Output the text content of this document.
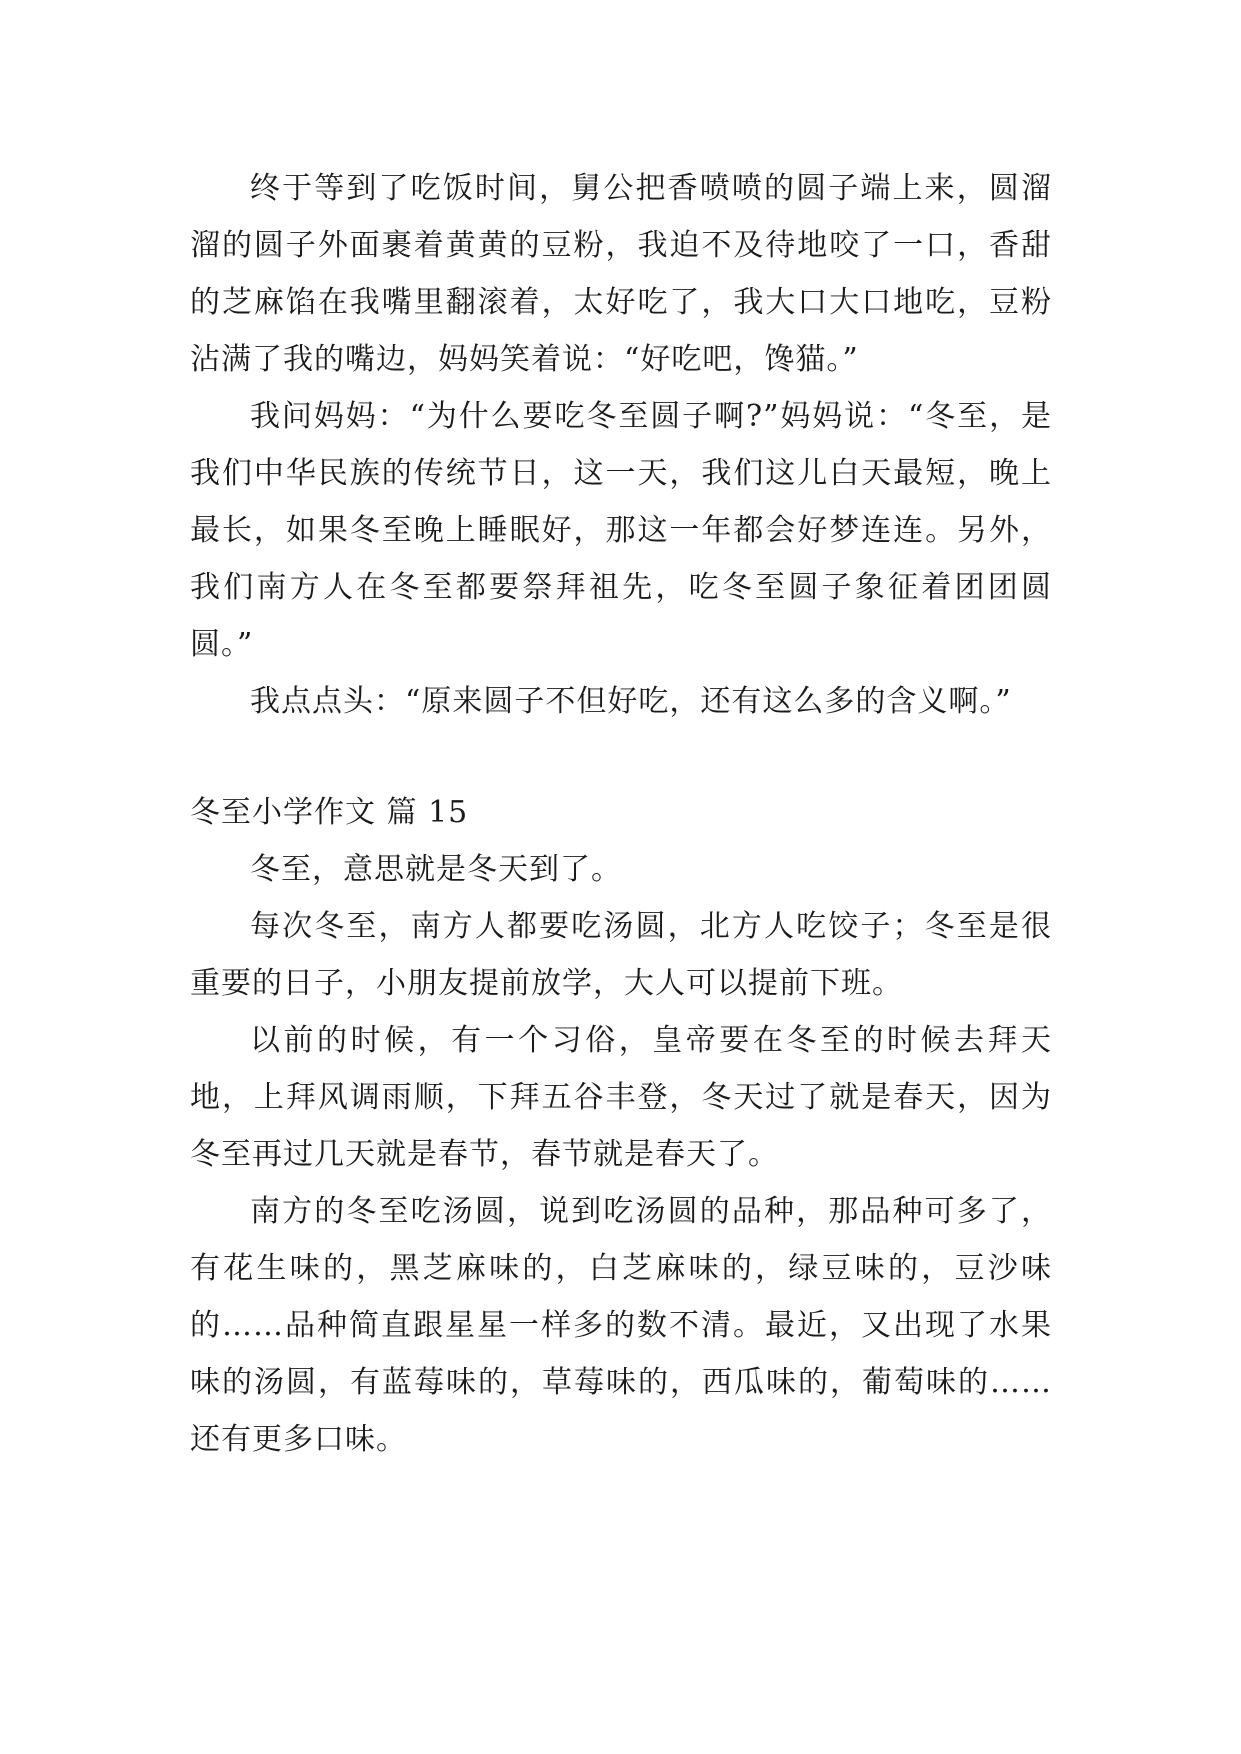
终于等到了吃饭时间，舅公把香喷喷的圆子端上来，圆溜溜的圆子外面裹着黄黄的豆粉，我迫不及待地咬了一口，香甜的芝麻馅在我嘴里翻滚着，太好吃了，我大口大口地吃，豆粉沾满了我的嘴边，妈妈笑着说：“好吃吧，馋猫。”

我问妈妈：“为什么要吃冬至圆子啊?”妈妈说：“冬至，是我们中华民族的传统节日，这一天，我们这儿白天最短，晚上最长，如果冬至晚上睡眠好，那这一年都会好梦连连。另外，我们南方人在冬至都要祭拜祖先，吃冬至圆子象征着团团圆圆。”

我点点头：“原来圆子不但好吃，还有这么多的含义啊。”

冬至小学作文 篇 15

冬至，意思就是冬天到了。

每次冬至，南方人都要吃汤圆，北方人吃饺子；冬至是很重要的日子，小朋友提前放学，大人可以提前下班。

以前的时候，有一个习俗，皇帝要在冬至的时候去拜天地，上拜风调雨顺，下拜五谷丰登，冬天过了就是春天，因为冬至再过几天就是春节，春节就是春天了。

南方的冬至吃汤圆，说到吃汤圆的品种，那品种可多了，有花生味的，黑芝麻味的，白芝麻味的，绿豆味的，豆沙味的……品种简直跟星星一样多的数不清。最近，又出现了水果味的汤圆，有蓝莓味的，草莓味的，西瓜味的，葡萄味的……还有更多口味。
